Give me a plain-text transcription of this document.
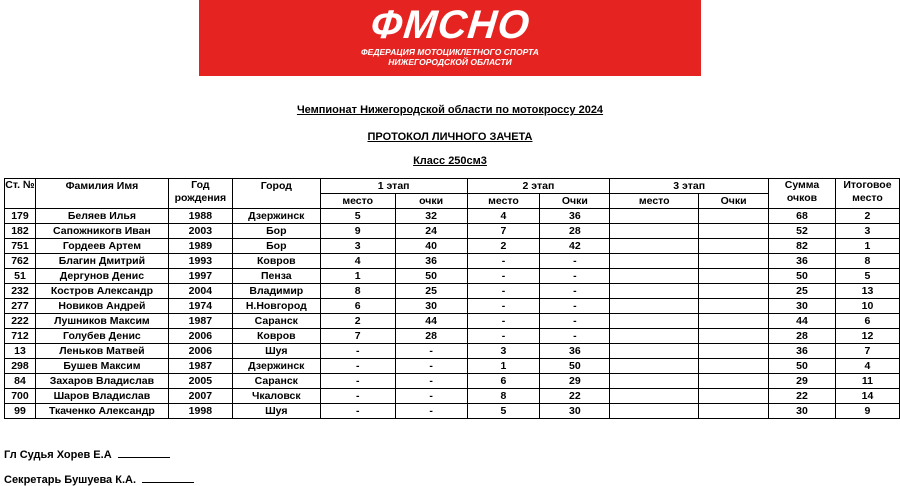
ФМСНО
ФЕДЕРАЦИЯ МОТОЦИКЛЕТНОГО СПОРТА
НИЖЕГОРОДСКОЙ ОБЛАСТИ
Чемпионат Нижегородской области по мотокроссу 2024
ПРОТОКОЛ ЛИЧНОГО ЗАЧЕТА
Класс 250см3
Ст. №	Фамилия Имя	Год рождения	Город	1 этап		2 этап		3 этап		Сумма очков	Итоговое место
				место	очки	место	Очки	место	Очки		
179	Беляев Илья	1988	Дзержинск	5	32	4	36			68	2
182	Сапожникогв Иван	2003	Бор	9	24	7	28			52	3
751	Гордеев Артем	1989	Бор	3	40	2	42			82	1
762	Благин Дмитрий	1993	Ковров	4	36	-	-			36	8
51	Дергунов Денис	1997	Пенза	1	50	-	-			50	5
232	Костров Александр	2004	Владимир	8	25	-	-			25	13
277	Новиков Андрей	1974	Н.Новгород	6	30	-	-			30	10
222	Лушников Максим	1987	Саранск	2	44	-	-			44	6
712	Голубев Денис	2006	Ковров	7	28	-	-			28	12
13	Леньков Матвей	2006	Шуя	-	-	3	36			36	7
298	Бушев Максим	1987	Дзержинск	-	-	1	50			50	4
84	Захаров Владислав	2005	Саранск	-	-	6	29			29	11
700	Шаров Владислав	2007	Чкаловск	-	-	8	22			22	14
99	Ткаченко Александр	1998	Шуя	-	-	5	30			30	9
Гл Судья Хорев Е.А
Секретарь Бушуева К.А.
